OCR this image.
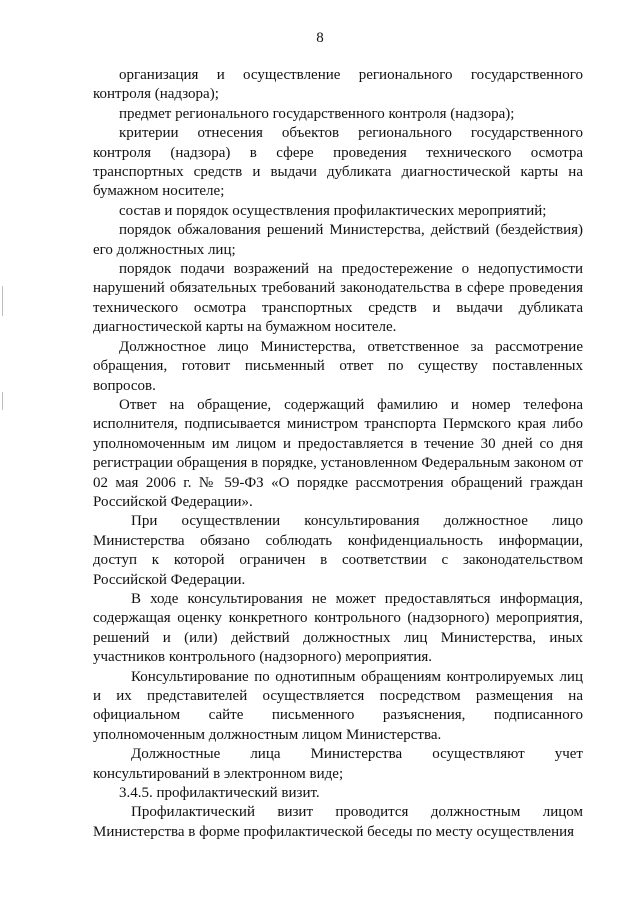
8

организация и осуществление регионального государственного контроля (надзора);

предмет регионального государственного контроля (надзора);

критерии отнесения объектов регионального государственного контроля (надзора) в сфере проведения технического осмотра транспортных средств и выдачи дубликата диагностической карты на бумажном носителе;

состав и порядок осуществления профилактических мероприятий;

порядок обжалования решений Министерства, действий (бездействия) его должностных лиц;

порядок подачи возражений на предостережение о недопустимости нарушений обязательных требований законодательства в сфере проведения технического осмотра транспортных средств и выдачи дубликата диагностической карты на бумажном носителе.

Должностное лицо Министерства, ответственное за рассмотрение обращения, готовит письменный ответ по существу поставленных вопросов.

Ответ на обращение, содержащий фамилию и номер телефона исполнителя, подписывается министром транспорта Пермского края либо уполномоченным им лицом и предоставляется в течение 30 дней со дня регистрации обращения в порядке, установленном Федеральным законом от 02 мая 2006 г. № 59-ФЗ «О порядке рассмотрения обращений граждан Российской Федерации».

При осуществлении консультирования должностное лицо Министерства обязано соблюдать конфиденциальность информации, доступ к которой ограничен в соответствии с законодательством Российской Федерации.

В ходе консультирования не может предоставляться информация, содержащая оценку конкретного контрольного (надзорного) мероприятия, решений и (или) действий должностных лиц Министерства, иных участников контрольного (надзорного) мероприятия.

Консультирование по однотипным обращениям контролируемых лиц и их представителей осуществляется посредством размещения на официальном сайте письменного разъяснения, подписанного уполномоченным должностным лицом Министерства.

Должностные лица Министерства осуществляют учет консультирований в электронном виде;

3.4.5. профилактический визит.

Профилактический визит проводится должностным лицом Министерства в форме профилактической беседы по месту осуществления
